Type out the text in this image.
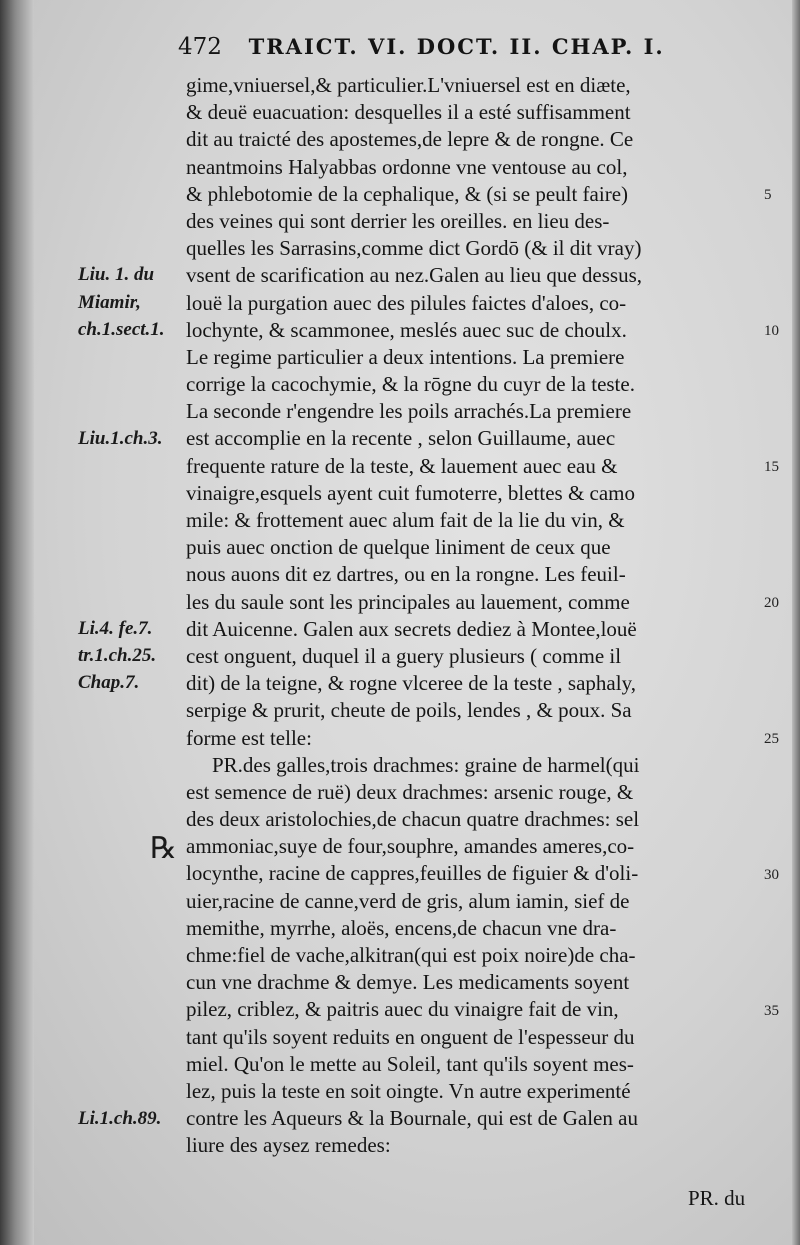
472 TRAICT. VI. DOCT. II. CHAP. I.
Liu. 1. du
Miamir,
ch.1.sect.1.
Liu.1.ch.3.
Li.4. fe.7.
tr.1.ch.25.
Chap.7.
Li.1.ch.89.
5
10
15
20
25
30
35
gime,vniuersel,& particulier.L'vniuersel est en diæte,
& deuë euacuation: desquelles il a esté suffisamment
dit au traicté des apostemes,de lepre & de rongne. Ce
neantmoins Halyabbas ordonne vne ventouse au col,
& phlebotomie de la cephalique, & (si se peult faire)
des veines qui sont derrier les oreilles. en lieu des-
quelles les Sarrasins,comme dict Gordō (& il dit vray)
vsent de scarification au nez.Galen au lieu que dessus,
louë la purgation auec des pilules faictes d'aloes, co-
lochynte, & scammonee, meslés auec suc de choulx.
Le regime particulier a deux intentions. La premiere
corrige la cacochymie, & la rōgne du cuyr de la teste.
La seconde r'engendre les poils arrachés.La premiere
est accomplie en la recente , selon Guillaume, auec
frequente rature de la teste, & lauement auec eau &
vinaigre,esquels ayent cuit fumoterre, blettes & camo
mile: & frottement auec alum fait de la lie du vin, &
puis auec onction de quelque liniment de ceux que
nous auons dit ez dartres, ou en la rongne. Les feuil-
les du saule sont les principales au lauement, comme
dit Auicenne. Galen aux secrets dediez à Montee,louë
cest onguent, duquel il a guery plusieurs ( comme il
dit) de la teigne, & rogne vlceree de la teste , saphaly,
serpige & prurit, cheute de poils, lendes , & poux. Sa
forme est telle:
PR.des galles,trois drachmes: graine de harmel(qui
est semence de ruë) deux drachmes: arsenic rouge, &
des deux aristolochies,de chacun quatre drachmes: sel
ammoniac,suye de four,souphre, amandes ameres,co-
locynthe, racine de cappres,feuilles de figuier & d'oli-
uier,racine de canne,verd de gris, alum iamin, sief de
memithe, myrrhe, aloës, encens,de chacun vne dra-
chme:fiel de vache,alkitran(qui est poix noire)de cha-
cun vne drachme & demye. Les medicaments soyent
pilez, criblez, & paitris auec du vinaigre fait de vin,
tant qu'ils soyent reduits en onguent de l'espesseur du
miel. Qu'on le mette au Soleil, tant qu'ils soyent mes-
lez, puis la teste en soit oingte. Vn autre experimenté
contre les Aqueurs & la Bournale, qui est de Galen au
liure des aysez remedes:
℞
PR. du
